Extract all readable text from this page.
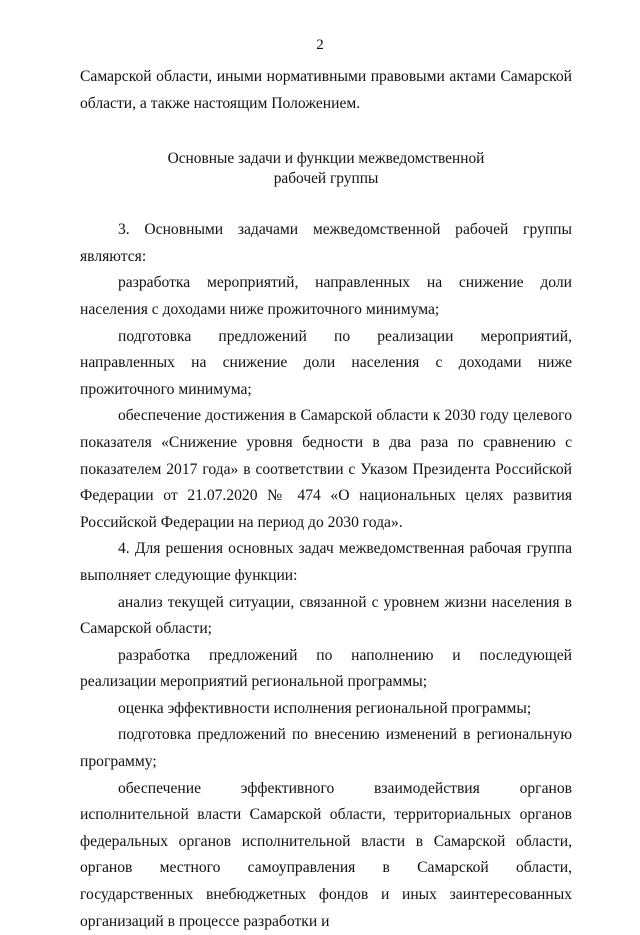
2

Самарской области, иными нормативными правовыми актами Самарской области, а также настоящим Положением.

Основные задачи и функции межведомственной
рабочей группы

3. Основными задачами межведомственной рабочей группы являются:

разработка мероприятий, направленных на снижение доли населения с доходами ниже прожиточного минимума;

подготовка предложений по реализации мероприятий, направленных на снижение доли населения с доходами ниже прожиточного минимума;

обеспечение достижения в Самарской области к 2030 году целевого показателя «Снижение уровня бедности в два раза по сравнению с показателем 2017 года» в соответствии с Указом Президента Российской Федерации от 21.07.2020 № 474 «О национальных целях развития Российской Федерации на период до 2030 года».

4. Для решения основных задач межведомственная рабочая группа выполняет следующие функции:

анализ текущей ситуации, связанной с уровнем жизни населения в Самарской области;

разработка предложений по наполнению и последующей реализации мероприятий региональной программы;

оценка эффективности исполнения региональной программы;

подготовка предложений по внесению изменений в региональную программу;

обеспечение эффективного взаимодействия органов исполнительной власти Самарской области, территориальных органов федеральных органов исполнительной власти в Самарской области, органов местного самоуправления в Самарской области, государственных внебюджетных фондов и иных заинтересованных организаций в процессе разработки и
